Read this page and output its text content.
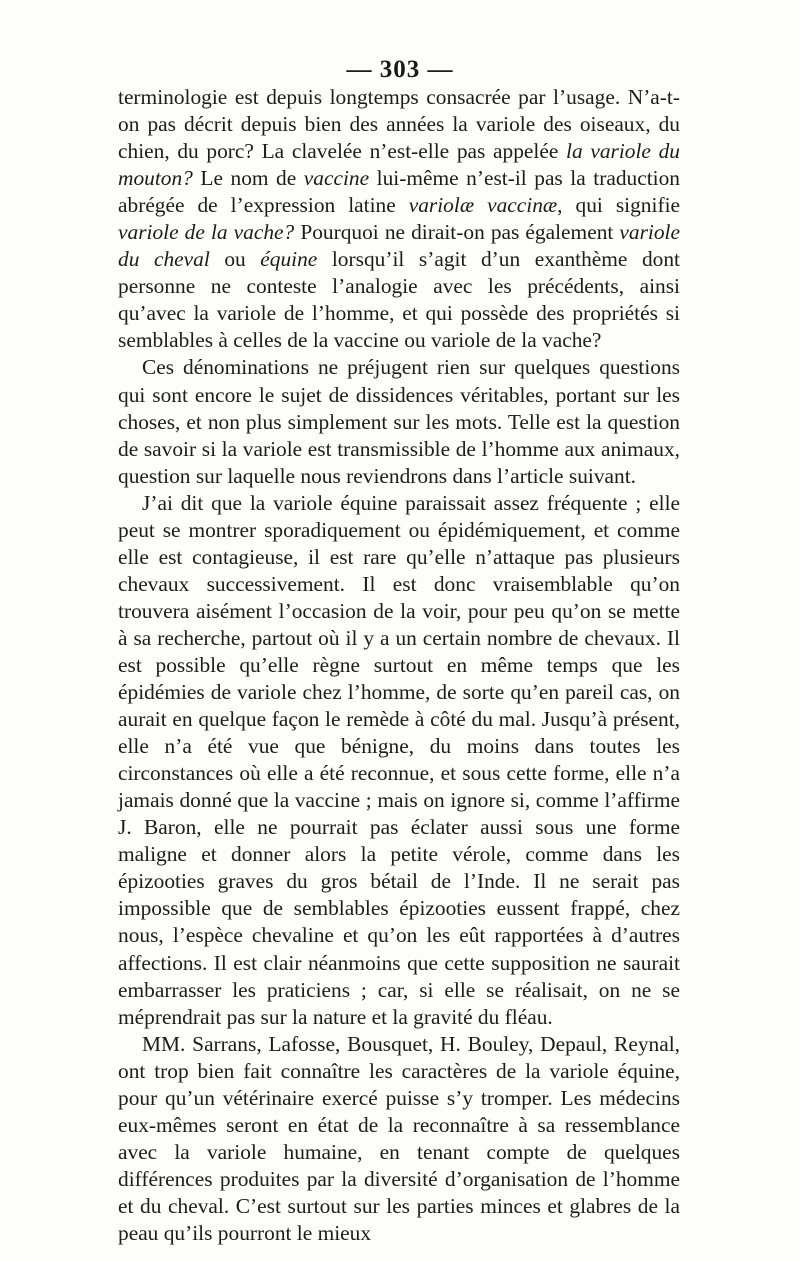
— 303 —

terminologie est depuis longtemps consacrée par l’usage. N’a-t-on pas décrit depuis bien des années la variole des oiseaux, du chien, du porc? La clavelée n’est-elle pas appelée la variole du mouton? Le nom de vaccine lui-même n’est-il pas la traduction abrégée de l’expression latine variolæ vaccinæ, qui signifie variole de la vache? Pourquoi ne dirait-on pas également variole du cheval ou équine lorsqu’il s’agit d’un exanthème dont personne ne conteste l’analogie avec les précédents, ainsi qu’avec la variole de l’homme, et qui possède des propriétés si semblables à celles de la vaccine ou variole de la vache?

Ces dénominations ne préjugent rien sur quelques questions qui sont encore le sujet de dissidences véritables, portant sur les choses, et non plus simplement sur les mots. Telle est la question de savoir si la variole est transmissible de l’homme aux animaux, question sur laquelle nous reviendrons dans l’article suivant.

J’ai dit que la variole équine paraissait assez fréquente ; elle peut se montrer sporadiquement ou épidémiquement, et comme elle est contagieuse, il est rare qu’elle n’attaque pas plusieurs chevaux successivement. Il est donc vraisemblable qu’on trouvera aisément l’occasion de la voir, pour peu qu’on se mette à sa recherche, partout où il y a un certain nombre de chevaux. Il est possible qu’elle règne surtout en même temps que les épidémies de variole chez l’homme, de sorte qu’en pareil cas, on aurait en quelque façon le remède à côté du mal. Jusqu’à présent, elle n’a été vue que bénigne, du moins dans toutes les circonstances où elle a été reconnue, et sous cette forme, elle n’a jamais donné que la vaccine ; mais on ignore si, comme l’affirme J. Baron, elle ne pourrait pas éclater aussi sous une forme maligne et donner alors la petite vérole, comme dans les épizooties graves du gros bétail de l’Inde. Il ne serait pas impossible que de semblables épizooties eussent frappé, chez nous, l’espèce chevaline et qu’on les eût rapportées à d’autres affections. Il est clair néanmoins que cette supposition ne saurait embarrasser les praticiens ; car, si elle se réalisait, on ne se méprendrait pas sur la nature et la gravité du fléau.

MM. Sarrans, Lafosse, Bousquet, H. Bouley, Depaul, Reynal, ont trop bien fait connaître les caractères de la variole équine, pour qu’un vétérinaire exercé puisse s’y tromper. Les médecins eux-mêmes seront en état de la reconnaître à sa ressemblance avec la variole humaine, en tenant compte de quelques différences produites par la diversité d’organisation de l’homme et du cheval. C’est surtout sur les parties minces et glabres de la peau qu’ils pourront le mieux
